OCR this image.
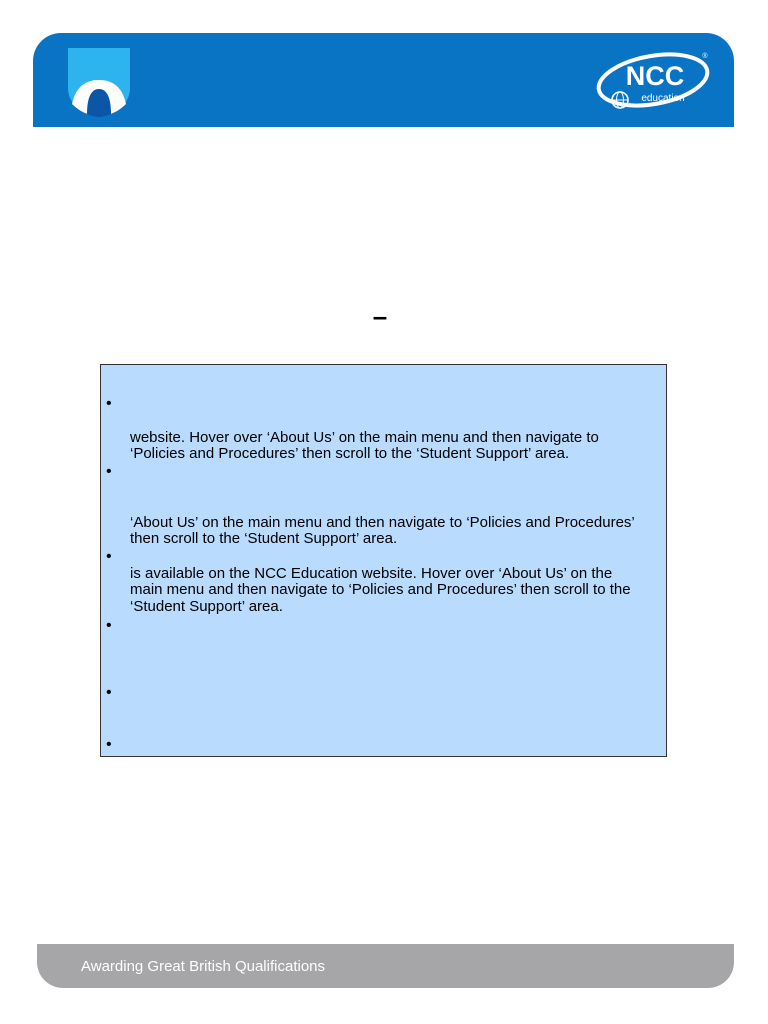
NCC
education
®
–
•
•
website. Hover over ‘About Us’ on the main menu and then navigate to
‘Policies and Procedures’ then scroll to the ‘Student Support’ area.
•
‘About Us’ on the main menu and then navigate to ‘Policies and Procedures’
then scroll to the ‘Student Support’ area.
•
is available on the NCC Education website. Hover over ‘About Us’ on the
main menu and then navigate to ‘Policies and Procedures’ then scroll to the
‘Student Support’ area.
•
•
Awarding Great British Qualifications
